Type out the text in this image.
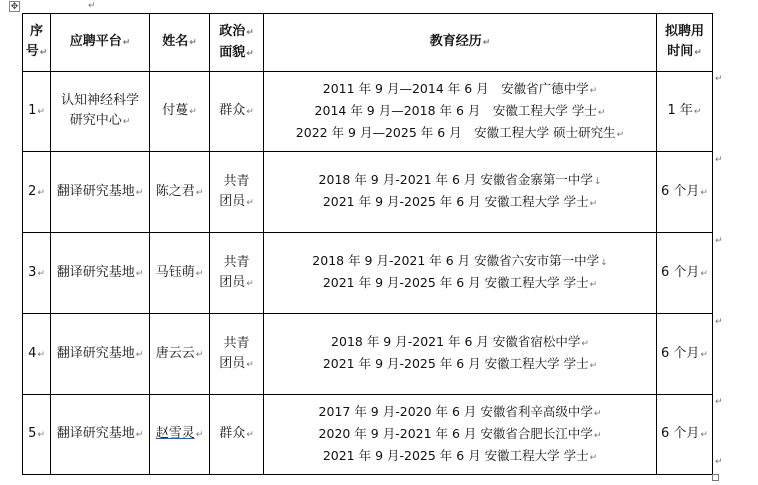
✥
序
号↵	应聘平台↵	姓名↵	政治↵
面貌↵	教育经历↵	拟聘用
时间↵
1↵	认知神经科学
研究中心↵	付蔓↵	群众↵	2011 年 9 月—2014 年 6 月　安徽省广德中学↵
2014 年 9 月—2018 年 6 月　安徽工程大学 学士↵
2022 年 9 月—2025 年 6 月　安徽工程大学 硕士研究生↵	1 年↵
2↵	翻译研究基地↵	陈之君↵	共青
团员↵	2018 年 9 月-2021 年 6 月 安徽省金寨第一中学↓
2021 年 9 月-2025 年 6 月 安徽工程大学 学士↵	6 个月↵
3↵	翻译研究基地↵	马钰萌↵	共青
团员↵	2018 年 9 月-2021 年 6 月 安徽省六安市第一中学↓
2021 年 9 月-2025 年 6 月 安徽工程大学 学士↵	6 个月↵
4↵	翻译研究基地↵	唐云云↵	共青
团员↵	2018 年 9 月-2021 年 6 月 安徽省宿松中学↵
2021 年 9 月-2025 年 6 月 安徽工程大学 学士↵	6 个月↵
5↵	翻译研究基地↵	赵雪灵↵	群众↵	2017 年 9 月-2020 年 6 月 安徽省利辛高级中学↵
2020 年 9 月-2021 年 6 月 安徽省合肥长江中学↵
2021 年 9 月-2025 年 6 月 安徽工程大学 学士↵	6 个月↵
↵
↵
↵
↵
↵
↵
↵
